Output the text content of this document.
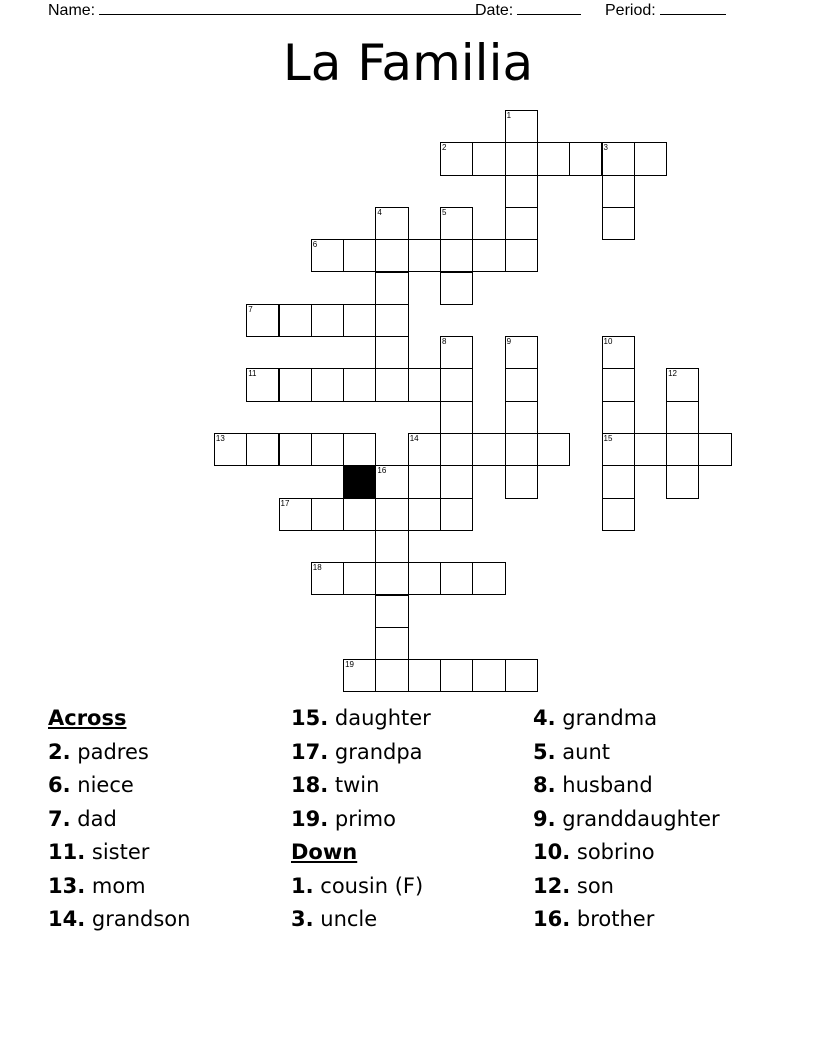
Name:	Date:	Period:
La Familia
1
2	3
4	5
6
7
8	9	10
15
11	12
13	14
16
17
18
19
Across
2. padres
6. niece
7. dad
11. sister
13. mom
14. grandson
15. daughter
17. grandpa
18. twin
19. primo
Down
1. cousin (F)
3. uncle
4. grandma
5. aunt
8. husband
9. granddaughter
10. sobrino
12. son
16. brother
